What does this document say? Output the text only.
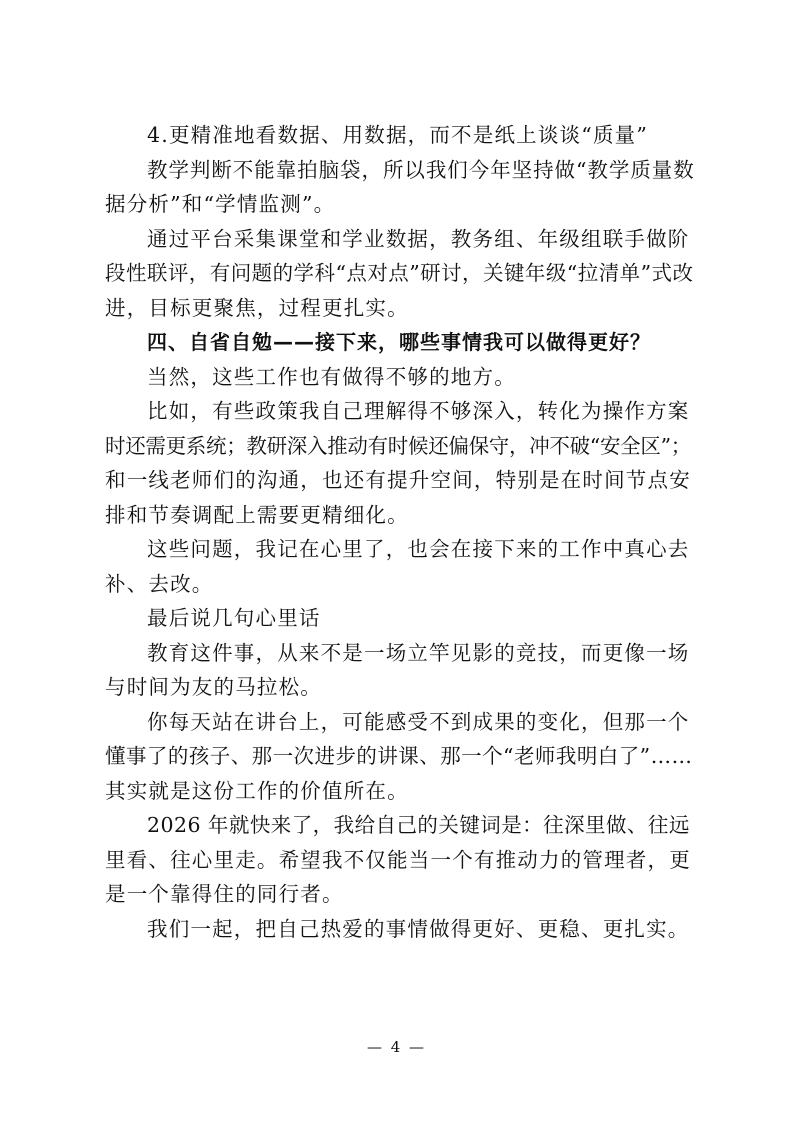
4.更精准地看数据、用数据，而不是纸上谈谈“质量”
教学判断不能靠拍脑袋，所以我们今年坚持做“教学质量数
据分析”和“学情监测”。
通过平台采集课堂和学业数据，教务组、年级组联手做阶
段性联评，有问题的学科“点对点”研讨，关键年级“拉清单”式改
进，目标更聚焦，过程更扎实。
四、自省自勉——接下来，哪些事情我可以做得更好？
当然，这些工作也有做得不够的地方。
比如，有些政策我自己理解得不够深入，转化为操作方案
时还需更系统；教研深入推动有时候还偏保守，冲不破“安全区”；
和一线老师们的沟通，也还有提升空间，特别是在时间节点安
排和节奏调配上需要更精细化。
这些问题，我记在心里了，也会在接下来的工作中真心去
补、去改。
最后说几句心里话
教育这件事，从来不是一场立竿见影的竞技，而更像一场
与时间为友的马拉松。
你每天站在讲台上，可能感受不到成果的变化，但那一个
懂事了的孩子、那一次进步的讲课、那一个“老师我明白了”……
其实就是这份工作的价值所在。
2026 年就快来了，我给自己的关键词是：往深里做、往远
里看、往心里走。希望我不仅能当一个有推动力的管理者，更
是一个靠得住的同行者。
我们一起，把自己热爱的事情做得更好、更稳、更扎实。
— 4 —
